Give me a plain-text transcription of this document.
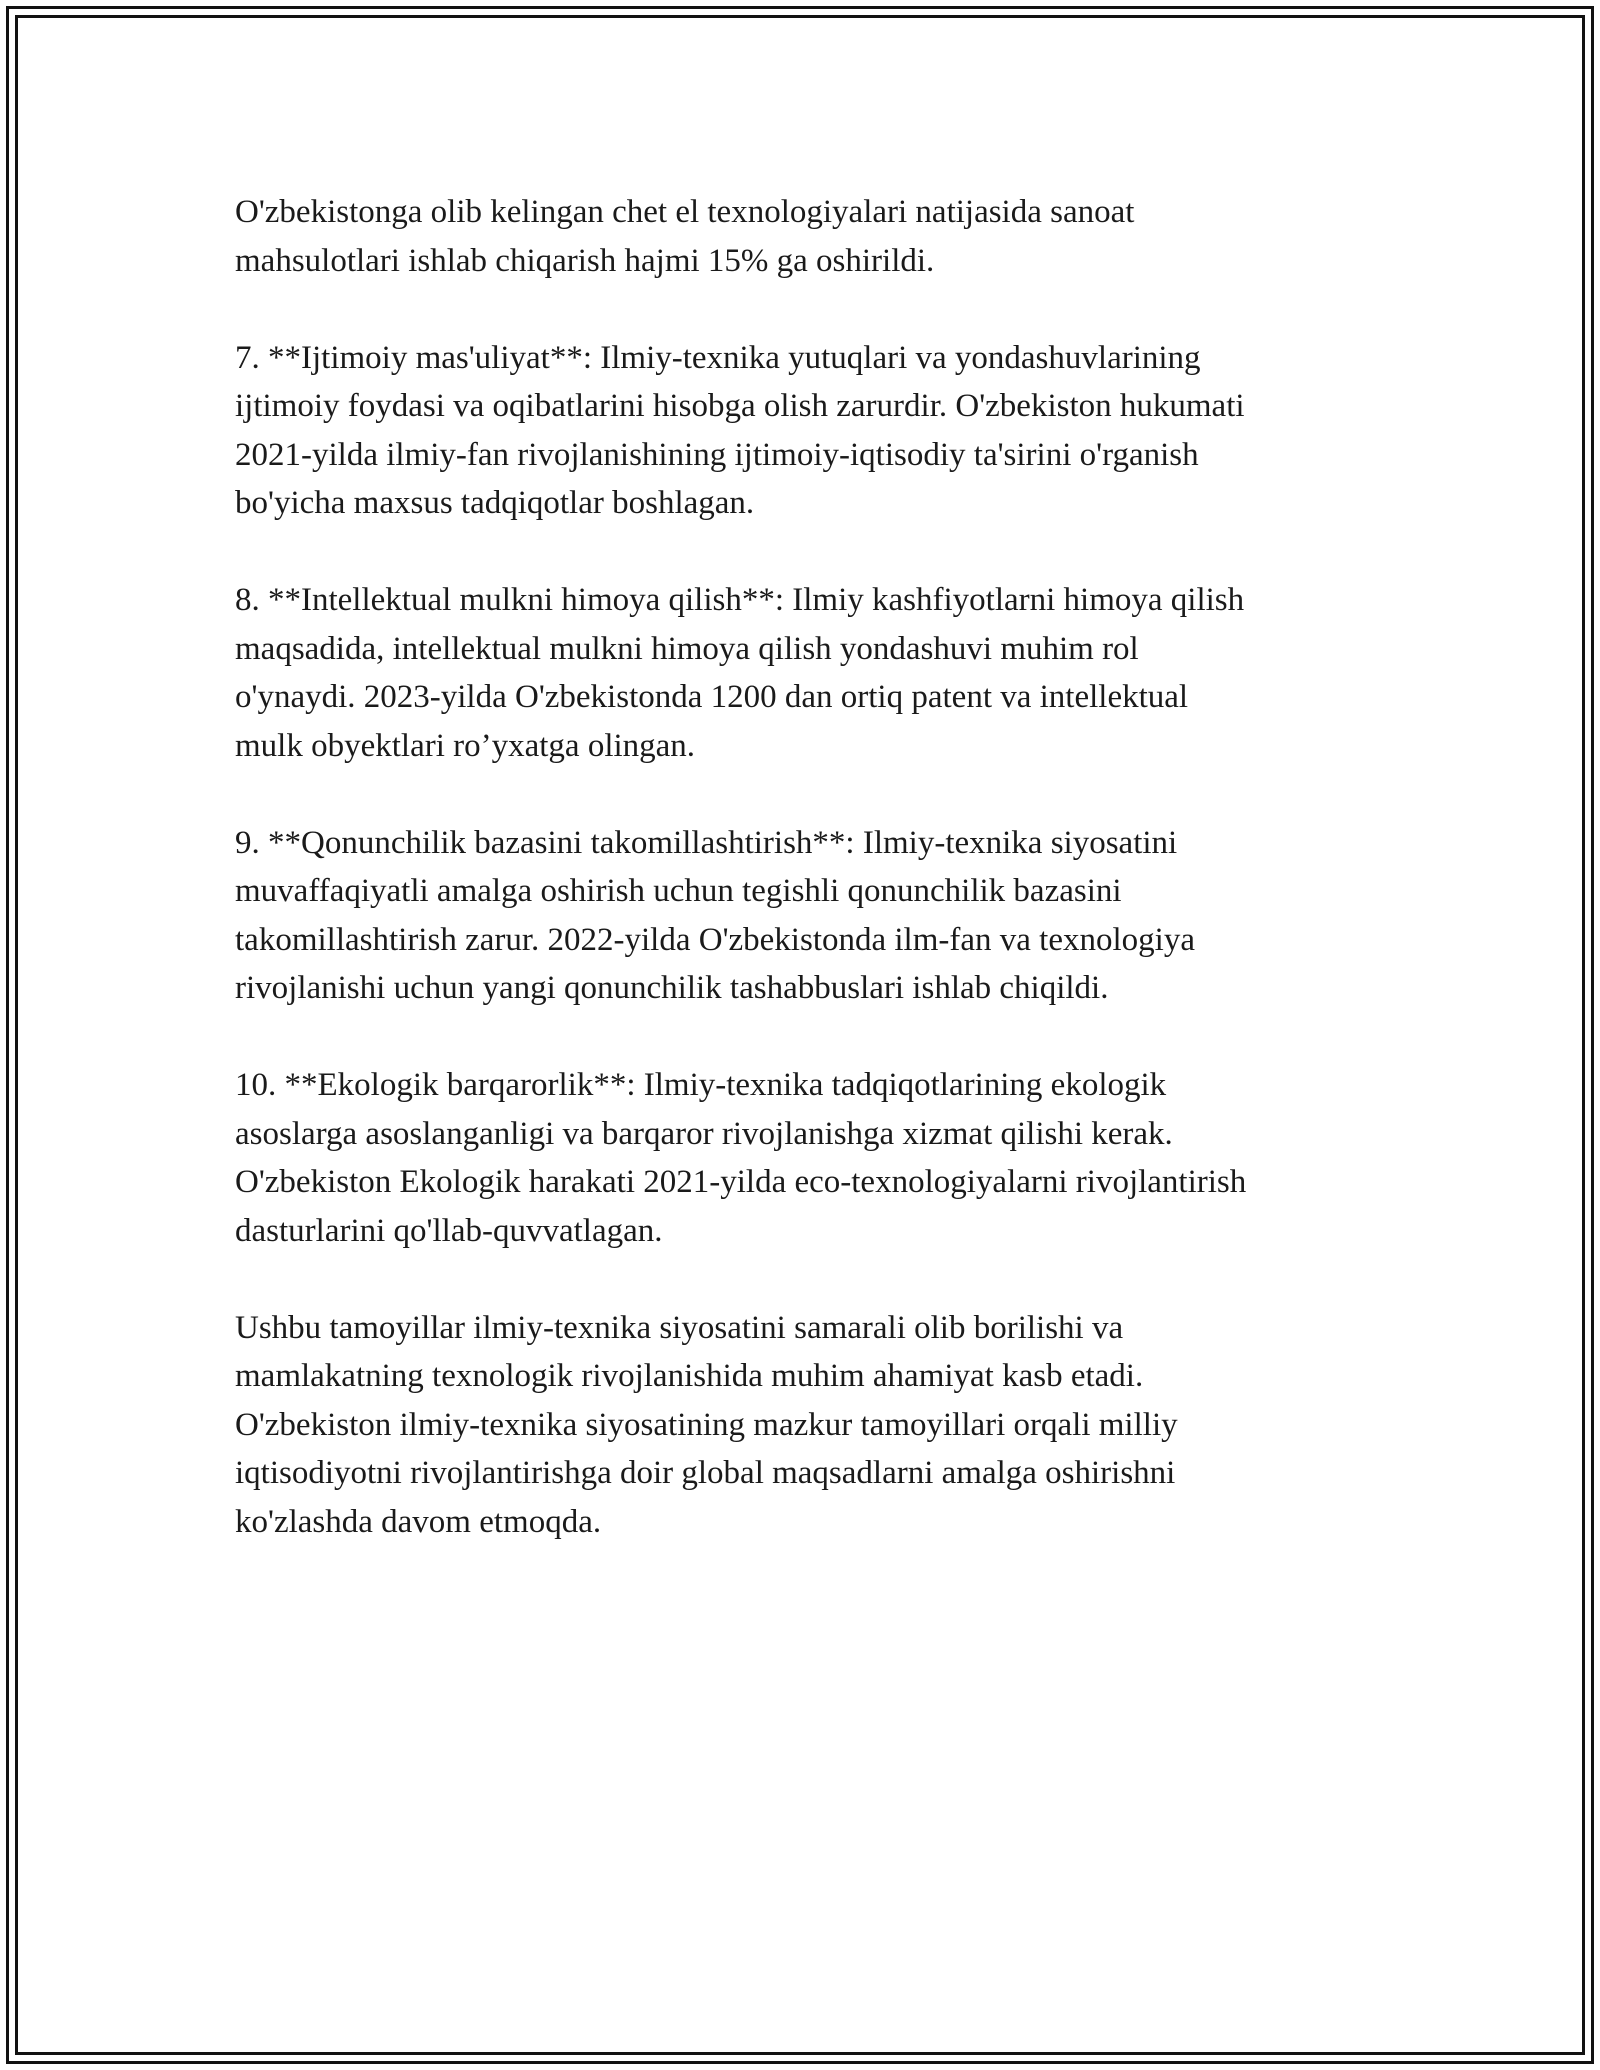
O'zbekistonga olib kelingan chet el texnologiyalari natijasida sanoat
mahsulotlari ishlab chiqarish hajmi 15% ga oshirildi.

7. **Ijtimoiy mas'uliyat**: Ilmiy-texnika yutuqlari va yondashuvlarining
ijtimoiy foydasi va oqibatlarini hisobga olish zarurdir. O'zbekiston hukumati
2021-yilda ilmiy-fan rivojlanishining ijtimoiy-iqtisodiy ta'sirini o'rganish
bo'yicha maxsus tadqiqotlar boshlagan.

8. **Intellektual mulkni himoya qilish**: Ilmiy kashfiyotlarni himoya qilish
maqsadida, intellektual mulkni himoya qilish yondashuvi muhim rol
o'ynaydi. 2023-yilda O'zbekistonda 1200 dan ortiq patent va intellektual
mulk obyektlari ro’yxatga olingan.

9. **Qonunchilik bazasini takomillashtirish**: Ilmiy-texnika siyosatini
muvaffaqiyatli amalga oshirish uchun tegishli qonunchilik bazasini
takomillashtirish zarur. 2022-yilda O'zbekistonda ilm-fan va texnologiya
rivojlanishi uchun yangi qonunchilik tashabbuslari ishlab chiqildi.

10. **Ekologik barqarorlik**: Ilmiy-texnika tadqiqotlarining ekologik
asoslarga asoslanganligi va barqaror rivojlanishga xizmat qilishi kerak.
O'zbekiston Ekologik harakati 2021-yilda eco-texnologiyalarni rivojlantirish
dasturlarini qo'llab-quvvatlagan.

Ushbu tamoyillar ilmiy-texnika siyosatini samarali olib borilishi va
mamlakatning texnologik rivojlanishida muhim ahamiyat kasb etadi.
O'zbekiston ilmiy-texnika siyosatining mazkur tamoyillari orqali milliy
iqtisodiyotni rivojlantirishga doir global maqsadlarni amalga oshirishni
ko'zlashda davom etmoqda.
